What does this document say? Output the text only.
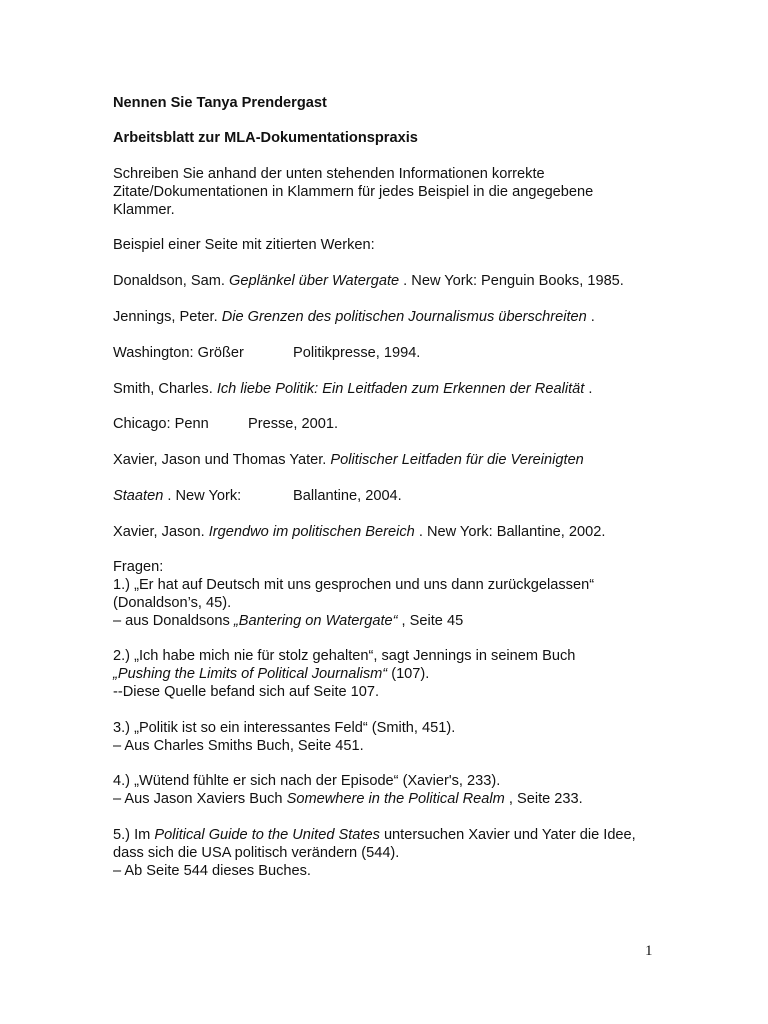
Nennen Sie Tanya Prendergast
Arbeitsblatt zur MLA-Dokumentationspraxis
Schreiben Sie anhand der unten stehenden Informationen korrekte
Zitate/Dokumentationen in Klammern für jedes Beispiel in die angegebene
Klammer.
Beispiel einer Seite mit zitierten Werken:
Donaldson, Sam. Geplänkel über Watergate . New York: Penguin Books, 1985.
Jennings, Peter. Die Grenzen des politischen Journalismus überschreiten .
Washington: Größer	Politikpresse, 1994.
Smith, Charles. Ich liebe Politik: Ein Leitfaden zum Erkennen der Realität .
Chicago: Penn	Presse, 2001.
Xavier, Jason und Thomas Yater. Politischer Leitfaden für die Vereinigten
Staaten . New York:	Ballantine, 2004.
Xavier, Jason. Irgendwo im politischen Bereich . New York: Ballantine, 2002.
Fragen:
1.) „Er hat auf Deutsch mit uns gesprochen und uns dann zurückgelassen“
(Donaldson’s, 45).
– aus Donaldsons „Bantering on Watergate“ , Seite 45
2.) „Ich habe mich nie für stolz gehalten“, sagt Jennings in seinem Buch
„Pushing the Limits of Political Journalism“ (107).
--Diese Quelle befand sich auf Seite 107.
3.) „Politik ist so ein interessantes Feld“ (Smith, 451).
– Aus Charles Smiths Buch, Seite 451.
4.) „Wütend fühlte er sich nach der Episode“ (Xavier's, 233).
– Aus Jason Xaviers Buch Somewhere in the Political Realm , Seite 233.
5.) Im Political Guide to the United States untersuchen Xavier und Yater die Idee,
dass sich die USA politisch verändern (544).
– Ab Seite 544 dieses Buches.
1
